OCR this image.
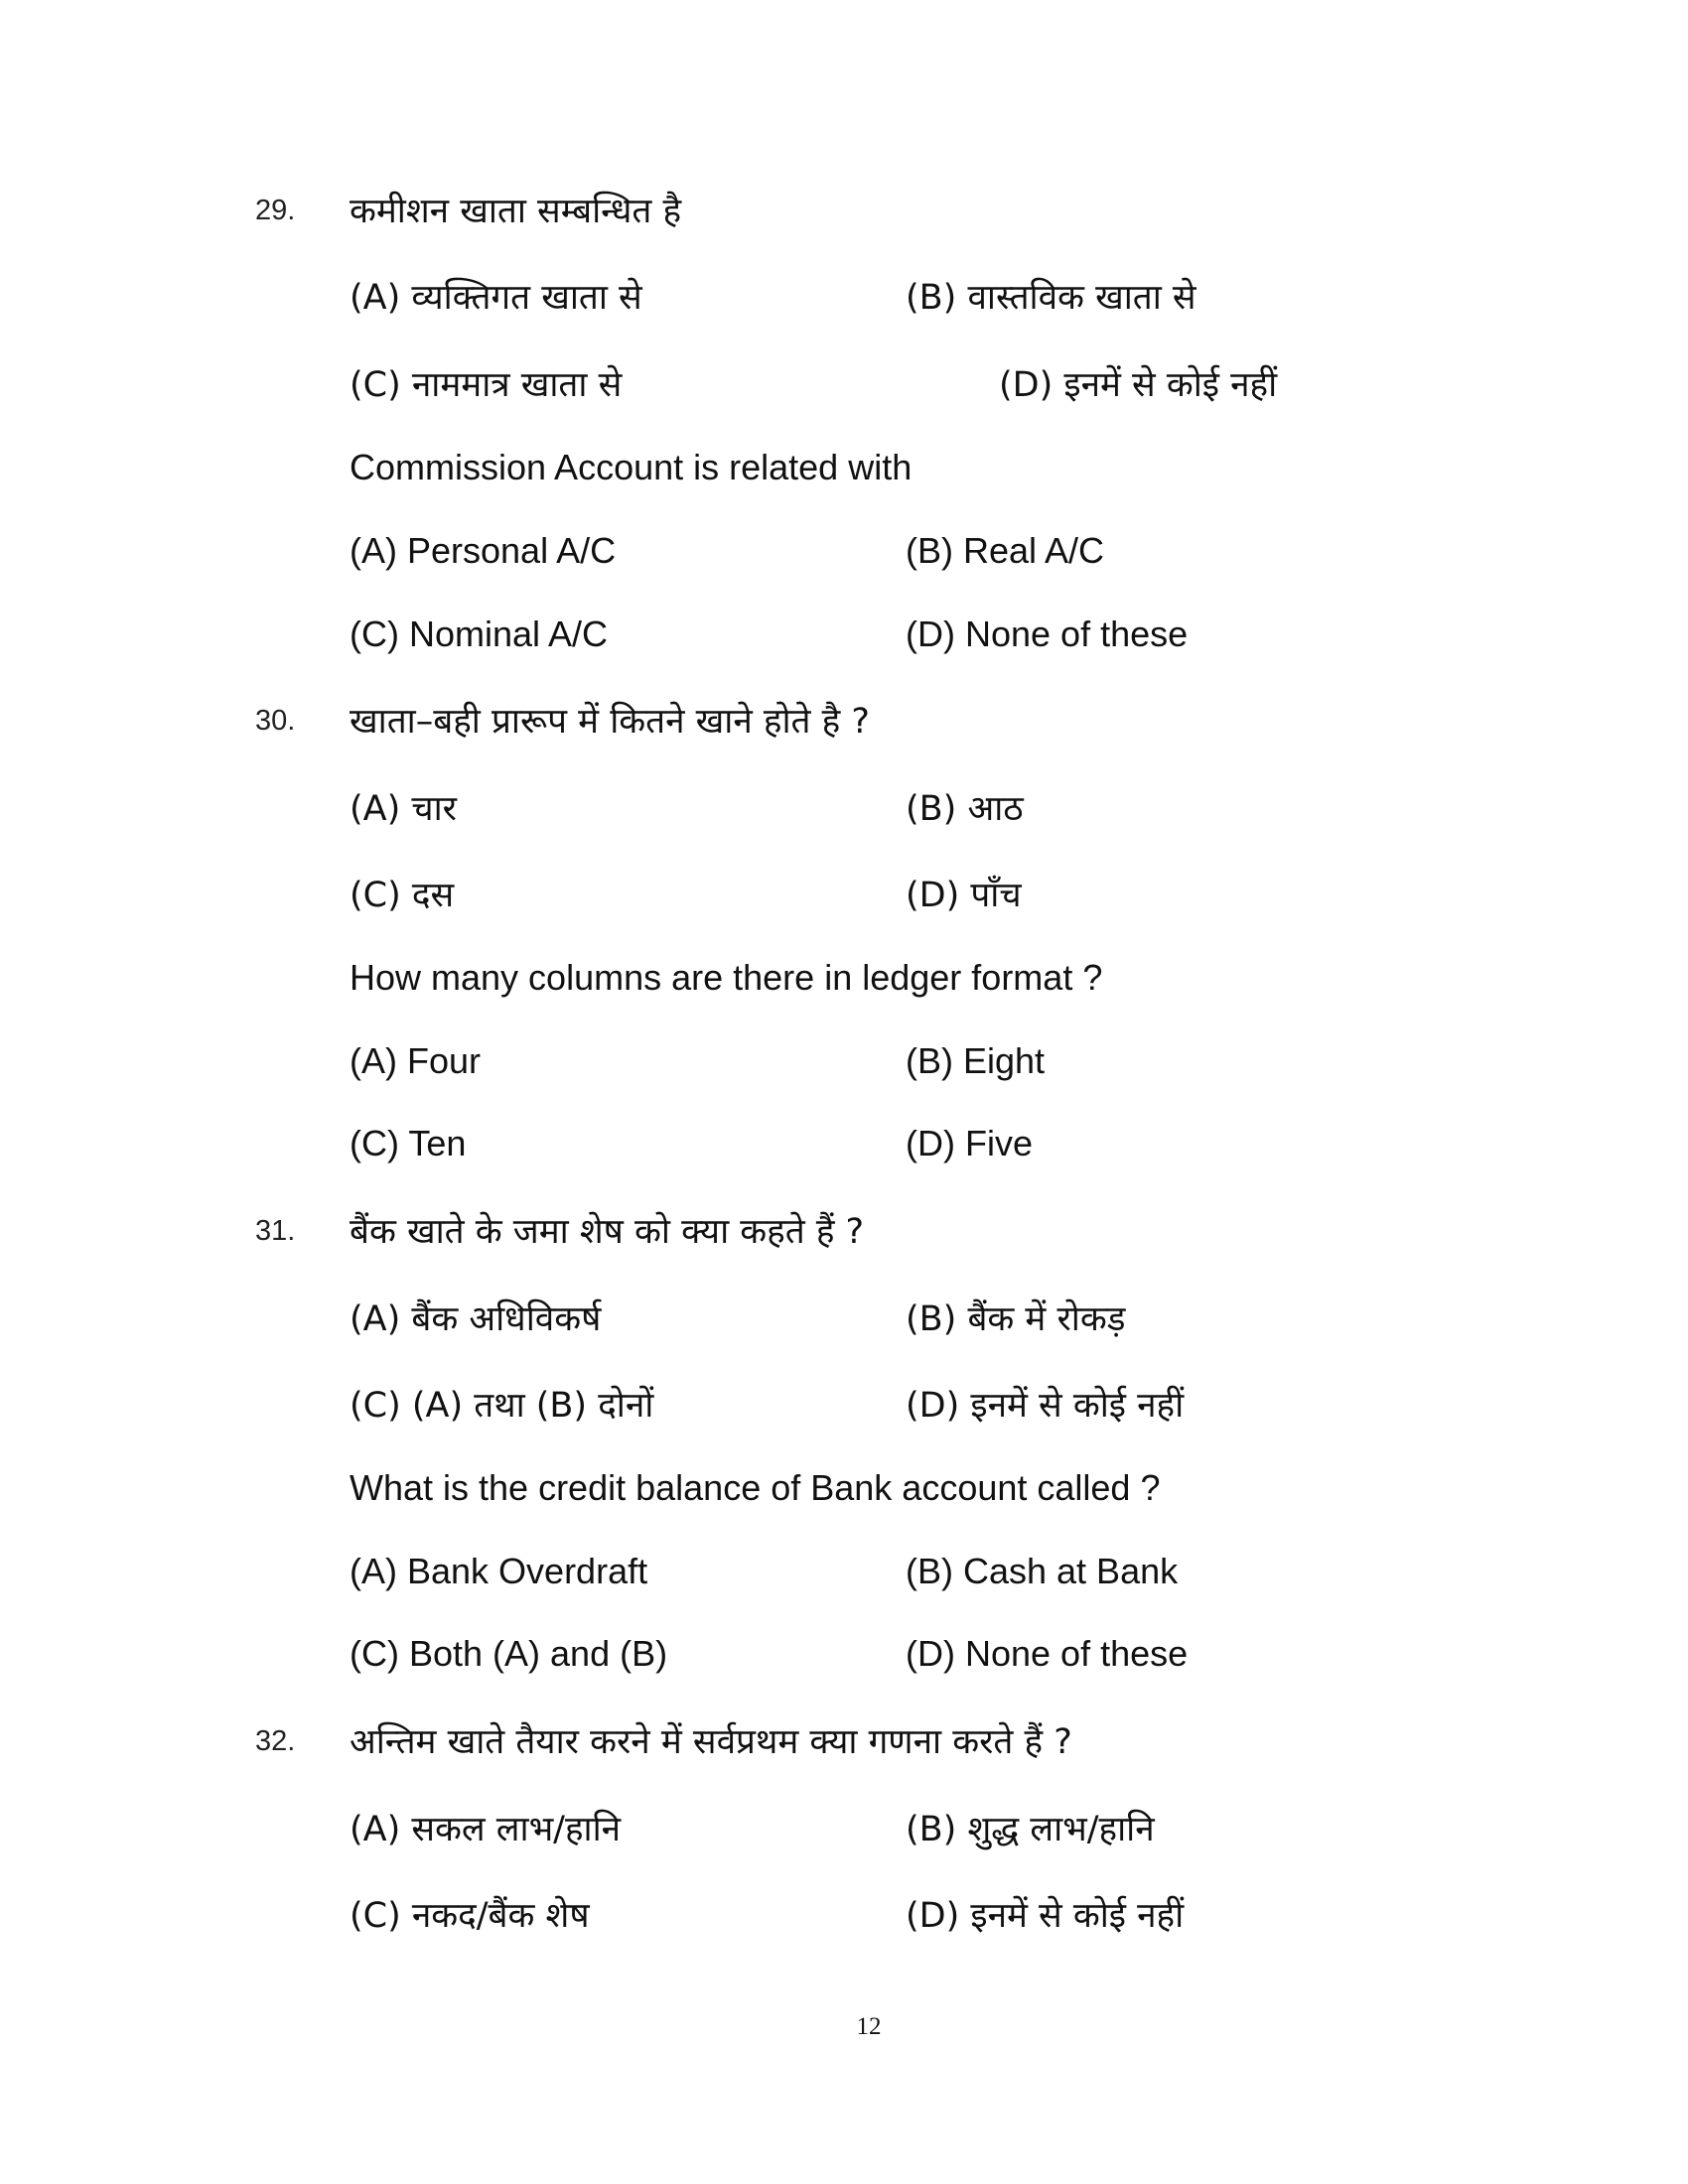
29. कमीशन खाता सम्बन्धित है
(A) व्यक्तिगत खाता से	(B) वास्तविक खाता से
(C) नाममात्र खाता से	(D) इनमें से कोई नहीं
Commission Account is related with
(A) Personal A/C	(B) Real A/C
(C) Nominal A/C	(D) None of these
30. खाता–बही प्रारूप में कितने खाने होते है ?
(A) चार	(B) आठ
(C) दस	(D) पाँच
How many columns are there in ledger format ?
(A) Four	(B) Eight
(C) Ten	(D) Five
31. बैंक खाते के जमा शेष को क्या कहते हैं ?
(A) बैंक अधिविकर्ष	(B) बैंक में रोकड़
(C) (A) तथा (B) दोनों	(D) इनमें से कोई नहीं
What is the credit balance of Bank account called ?
(A) Bank Overdraft	(B) Cash at Bank
(C) Both (A) and (B)	(D) None of these
32. अन्तिम खाते तैयार करने में सर्वप्रथम क्या गणना करते हैं ?
(A) सकल लाभ/हानि	(B) शुद्ध लाभ/हानि
(C) नकद/बैंक शेष	(D) इनमें से कोई नहीं
12
